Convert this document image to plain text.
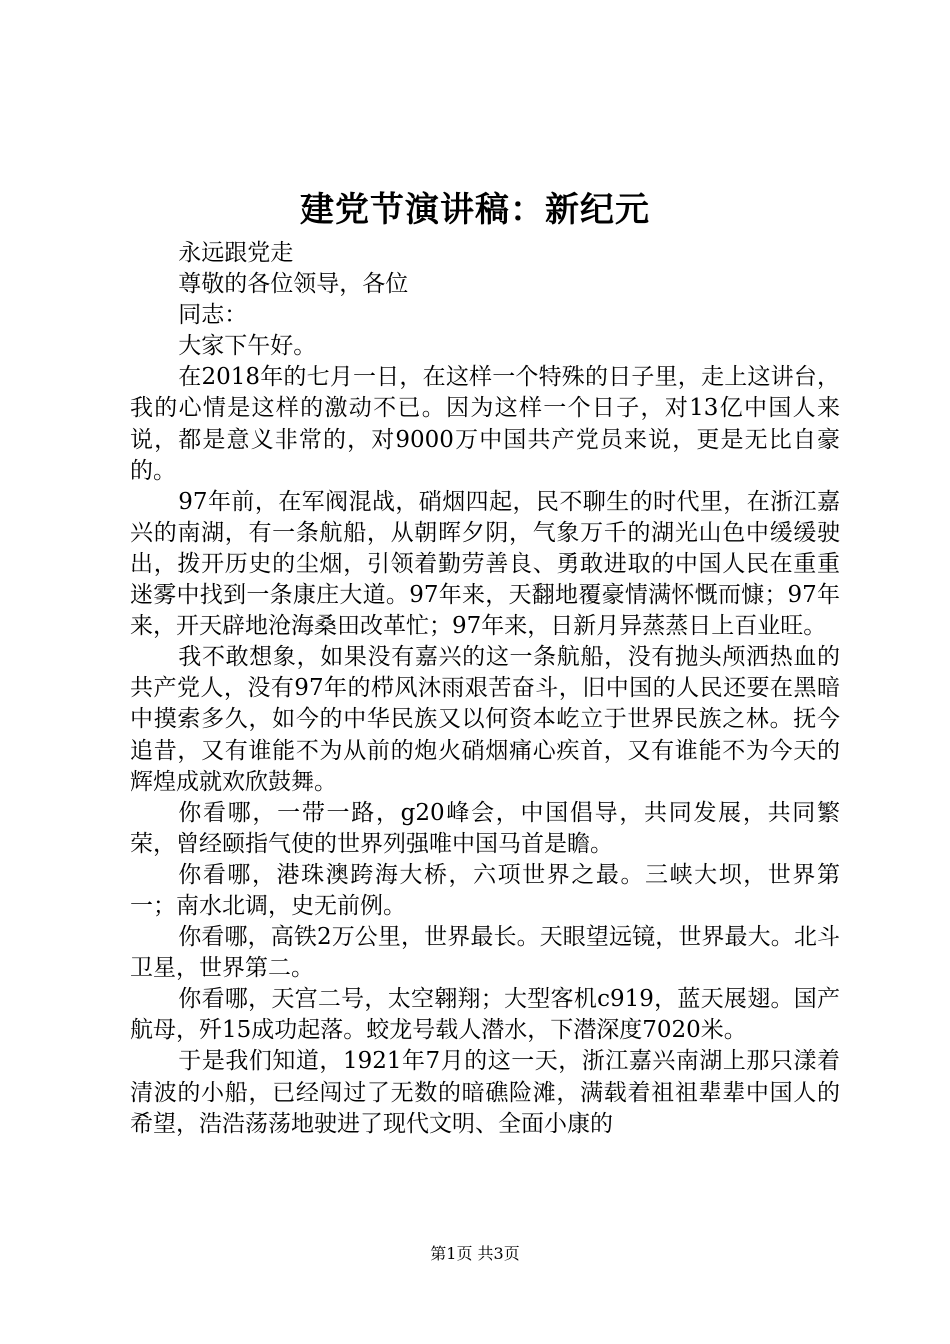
建党节演讲稿：新纪元

永远跟党走

尊敬的各位领导，各位

同志：

大家下午好。

在2018年的七月一日，在这样一个特殊的日子里，走上这讲台，我的心情是这样的激动不已。因为这样一个日子，对13亿中国人来说，都是意义非常的，对9000万中国共产党员来说，更是无比自豪的。

97年前，在军阀混战，硝烟四起，民不聊生的时代里，在浙江嘉兴的南湖，有一条航船，从朝晖夕阴，气象万千的湖光山色中缓缓驶出，拨开历史的尘烟，引领着勤劳善良、勇敢进取的中国人民在重重迷雾中找到一条康庄大道。97年来，天翻地覆豪情满怀慨而慷；97年来，开天辟地沧海桑田改革忙；97年来，日新月异蒸蒸日上百业旺。

我不敢想象，如果没有嘉兴的这一条航船，没有抛头颅洒热血的共产党人，没有97年的栉风沐雨艰苦奋斗，旧中国的人民还要在黑暗中摸索多久，如今的中华民族又以何资本屹立于世界民族之林。抚今追昔，又有谁能不为从前的炮火硝烟痛心疾首，又有谁能不为今天的辉煌成就欢欣鼓舞。

你看哪，一带一路，g20峰会，中国倡导，共同发展，共同繁荣，曾经颐指气使的世界列强唯中国马首是瞻。

你看哪，港珠澳跨海大桥，六项世界之最。三峡大坝，世界第一；南水北调，史无前例。

你看哪，高铁2万公里，世界最长。天眼望远镜，世界最大。北斗卫星，世界第二。

你看哪，天宫二号，太空翱翔；大型客机c919，蓝天展翅。国产航母，歼15成功起落。蛟龙号载人潜水，下潜深度7020米。

于是我们知道，1921年7月的这一天，浙江嘉兴南湖上那只漾着清波的小船，已经闯过了无数的暗礁险滩，满载着祖祖辈辈中国人的希望，浩浩荡荡地驶进了现代文明、全面小康的

第1页 共3页
